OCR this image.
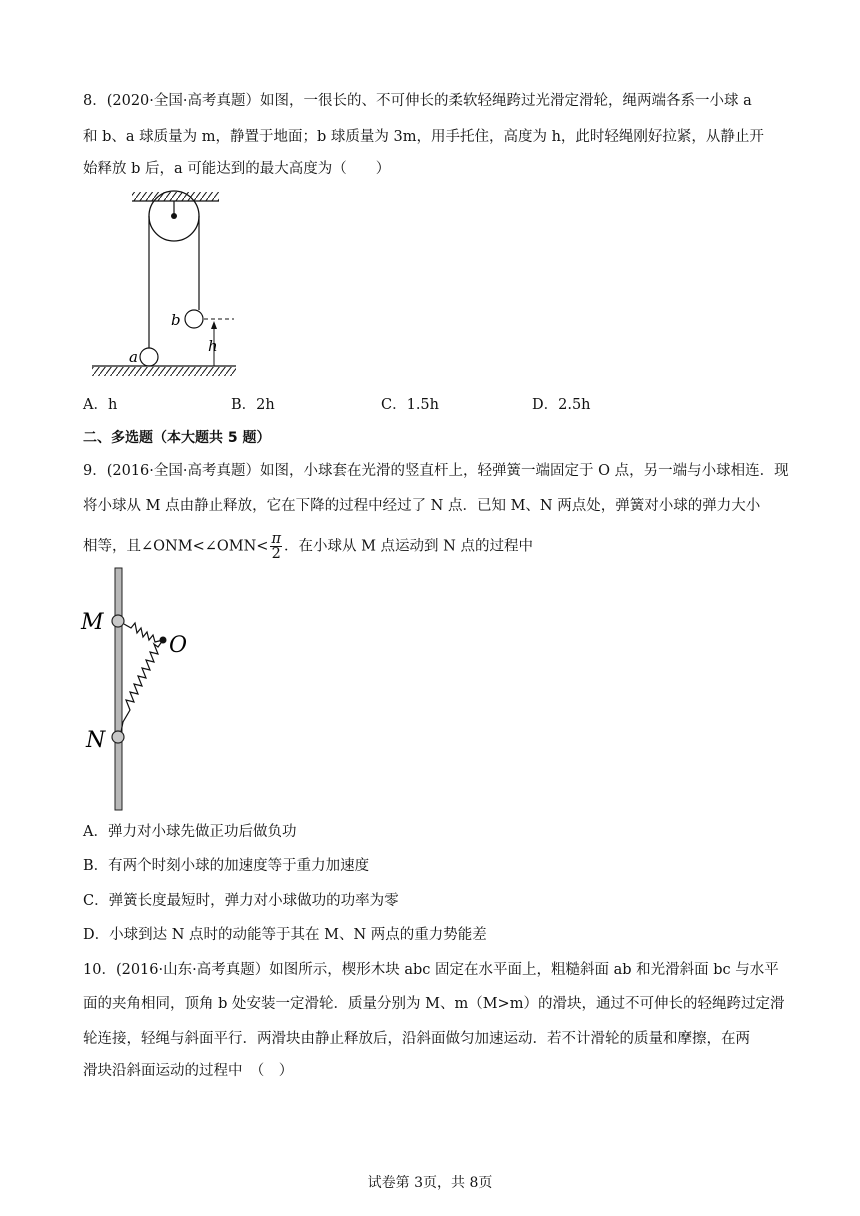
8．(2020·全国·高考真题）如图，一很长的、不可伸长的柔软轻绳跨过光滑定滑轮，绳两端各系一小球 a
和 b、a 球质量为 m，静置于地面；b 球质量为 3m，用手托住，高度为 h，此时轻绳刚好拉紧，从静止开
始释放 b 后，a 可能达到的最大高度为（　　）
b
a
h
A．h	B．2h	C．1.5h	D．2.5h
二、多选题（本大题共 5 题）
9．(2016·全国·高考真题）如图，小球套在光滑的竖直杆上，轻弹簧一端固定于 O 点，另一端与小球相连．现
将小球从 M 点由静止释放，它在下降的过程中经过了 N 点．已知 M、N 两点处，弹簧对小球的弹力大小
相等，且∠ONM<∠OMN< $\frac{\pi}{2}$ ．在小球从 M 点运动到 N 点的过程中
M
O
N
A．弹力对小球先做正功后做负功
B．有两个时刻小球的加速度等于重力加速度
C．弹簧长度最短时，弹力对小球做功的功率为零
D．小球到达 N 点时的动能等于其在 M、N 两点的重力势能差
10．(2016·山东·高考真题）如图所示，楔形木块 abc 固定在水平面上，粗糙斜面 ab 和光滑斜面 bc 与水平
面的夹角相同，顶角 b 处安装一定滑轮．质量分别为 M、m（M>m）的滑块，通过不可伸长的轻绳跨过定滑
轮连接，轻绳与斜面平行．两滑块由静止释放后，沿斜面做匀加速运动．若不计滑轮的质量和摩擦，在两
滑块沿斜面运动的过程中　（　）
试卷第 3页，共 8页
